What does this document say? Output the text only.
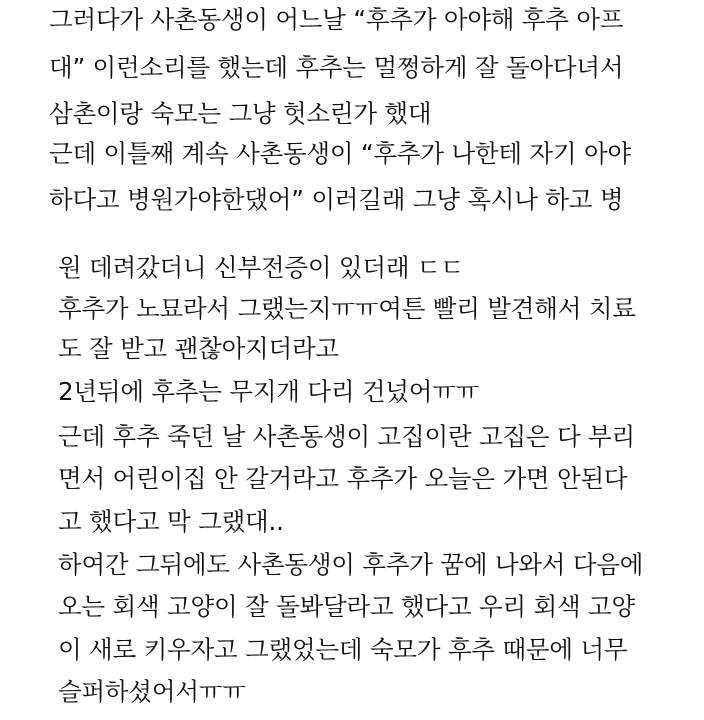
그러다가 사촌동생이 어느날 “후추가 아야해 후추 아프
대” 이런소리를 했는데 후추는 멀쩡하게 잘 돌아다녀서
삼촌이랑 숙모는 그냥 헛소린가 했대
근데 이틀째 계속 사촌동생이 “후추가 나한테 자기 아야
하다고 병원가야한댔어” 이러길래 그냥 혹시나 하고 병
원 데려갔더니 신부전증이 있더래 ㄷㄷ
후추가 노묘라서 그랬는지ㅠㅠ여튼 빨리 발견해서 치료
도 잘 받고 괜찮아지더라고
2년뒤에 후추는 무지개 다리 건넜어ㅠㅠ
근데 후추 죽던 날 사촌동생이 고집이란 고집은 다 부리
면서 어린이집 안 갈거라고 후추가 오늘은 가면 안된다
고 했다고 막 그랬대..
하여간 그뒤에도 사촌동생이 후추가 꿈에 나와서 다음에
오는 회색 고양이 잘 돌봐달라고 했다고 우리 회색 고양
이 새로 키우자고 그랬었는데 숙모가 후추 때문에 너무
슬퍼하셨어서ㅠㅠ
